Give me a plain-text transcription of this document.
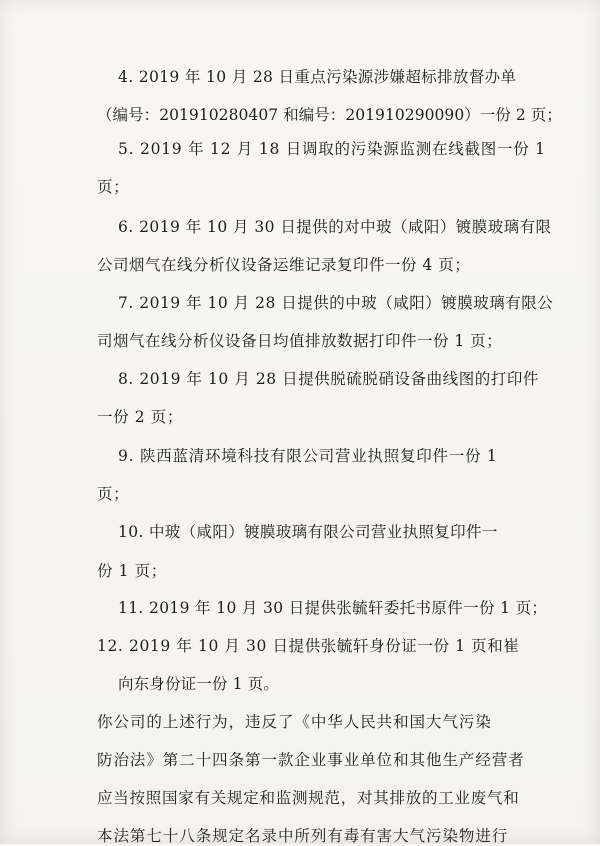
4. 2019 年 10 月 28 日重点污染源涉嫌超标排放督办单
（编号：201910280407 和编号：201910290090）一份 2 页；
5. 2019 年 12 月 18 日调取的污染源监测在线截图一份 1
页；
6. 2019 年 10 月 30 日提供的对中玻（咸阳）镀膜玻璃有限
公司烟气在线分析仪设备运维记录复印件一份 4 页；
7. 2019 年 10 月 28 日提供的中玻（咸阳）镀膜玻璃有限公
司烟气在线分析仪设备日均值排放数据打印件一份 1 页；
8. 2019 年 10 月 28 日提供脱硫脱硝设备曲线图的打印件
一份 2 页；
9. 陕西蓝清环境科技有限公司营业执照复印件一份 1
页；
10. 中玻（咸阳）镀膜玻璃有限公司营业执照复印件一
份 1 页；
11. 2019 年 10 月 30 日提供张毓轩委托书原件一份 1 页；
12. 2019 年 10 月 30 日提供张毓轩身份证一份 1 页和崔
向东身份证一份 1 页。
你公司的上述行为，违反了《中华人民共和国大气污染
防治法》第二十四条第一款企业事业单位和其他生产经营者
应当按照国家有关规定和监测规范，对其排放的工业废气和
本法第七十八条规定名录中所列有毒有害大气污染物进行
